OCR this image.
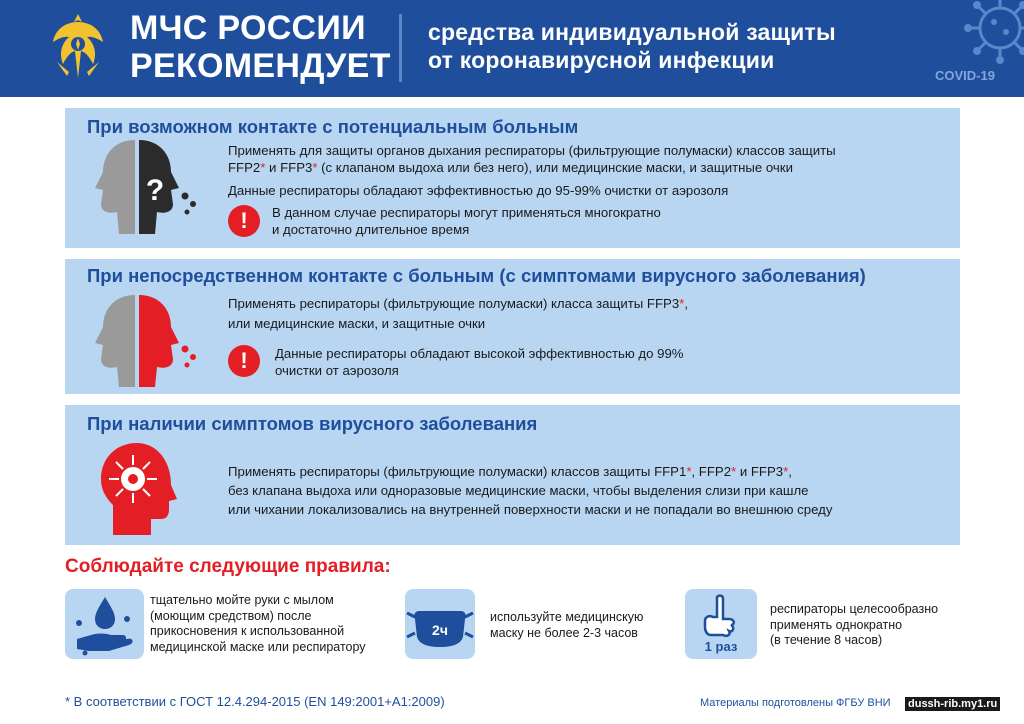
МЧС РОССИИ
РЕКОМЕНДУЕТ
средства индивидуальной защиты
от коронавирусной инфекции
COVID-19
При возможном контакте с потенциальным больным
?
Применять для защиты органов дыхания респираторы (фильтрующие полумаски) классов защиты
FFP2* и FFP3* (с клапаном выдоха или без него), или медицинские маски, и защитные очки
Данные респираторы обладают эффективностью до 95-99% очистки от аэрозоля
!	В данном случае респираторы могут применяться многократно
и достаточно длительное время
При непосредственном контакте с больным (с симптомами вирусного заболевания)
Применять респираторы (фильтрующие полумаски) класса защиты FFP3*,
или медицинские маски, и защитные очки
!	Данные респираторы обладают высокой эффективностью до 99%
очистки от аэрозоля
При наличии симптомов вирусного заболевания
Применять респираторы (фильтрующие полумаски) классов защиты FFP1*, FFP2* и FFP3*,
без клапана выдоха или одноразовые медицинские маски, чтобы выделения слизи при кашле
или чихании локализовались на внутренней поверхности маски и не попадали во внешнюю среду
Соблюдайте следующие правила:
тщательно мойте руки с мылом
(моющим средством) после
прикосновения к использованной
медицинской маске или респиратору
2ч
используйте медицинскую
маску не более 2-3 часов
1 раз
респираторы целесообразно
применять однократно
(в течение 8 часов)
* В соответствии с ГОСТ 12.4.294-2015 (EN 149:2001+A1:2009)	Материалы подготовлены ФГБУ ВНИ dussh-rib.my1.ru
